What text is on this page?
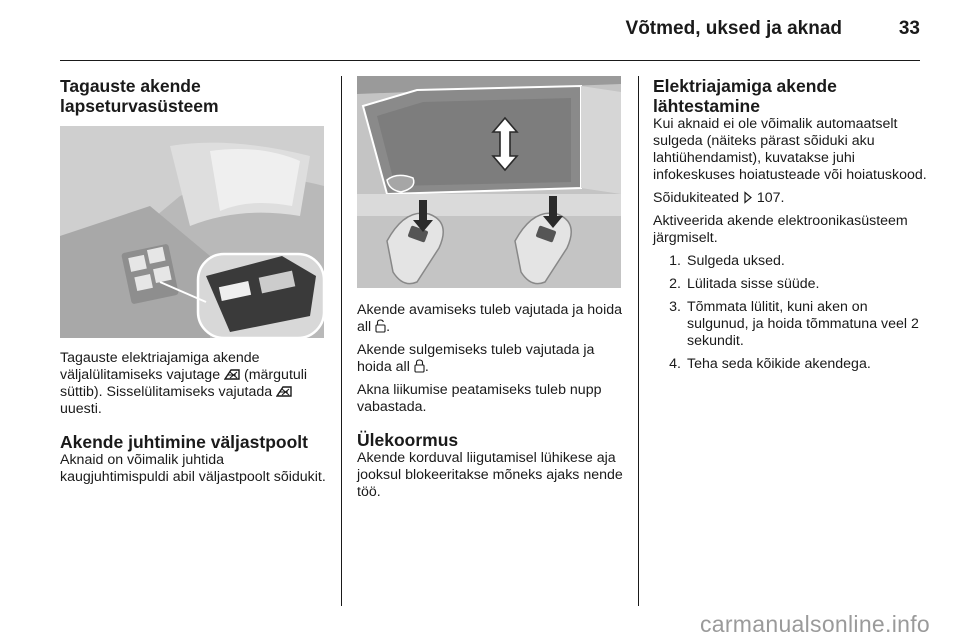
Võtmed, uksed ja aknad	33
Tagauste akende lapseturvasüsteem

Tagauste elektriajamiga akende väljalülitamiseks vajutage (märgutuli süttib). Sisselülitamiseks vajutada  uuesti.

Akende juhtimine väljastpoolt

Aknaid on võimalik juhtida kaugjuhtimispuldi abil väljastpoolt sõidukit.

Akende avamiseks tuleb vajutada ja hoida all .

Akende sulgemiseks tuleb vajutada ja hoida all .

Akna liikumise peatamiseks tuleb nupp vabastada.

Ülekoormus

Akende korduval liigutamisel lühikese aja jooksul blokeeritakse mõneks ajaks nende töö.

Elektriajamiga akende lähtestamine

Kui aknaid ei ole võimalik automaatselt sulgeda (näiteks pärast sõiduki aku lahtiühendamist), kuvatakse juhi infokeskuses hoiatusteade või hoiatuskood.

Sõidukiteated 107.

Aktiveerida akende elektroonikasüsteem järgmiselt.

1. Sulgeda uksed.
2. Lülitada sisse süüde.
3. Tõmmata lülitit, kuni aken on sulgunud, ja hoida tõmmatuna veel 2 sekundit.
4. Teha seda kõikide akendega.
carmanualsonline.info
